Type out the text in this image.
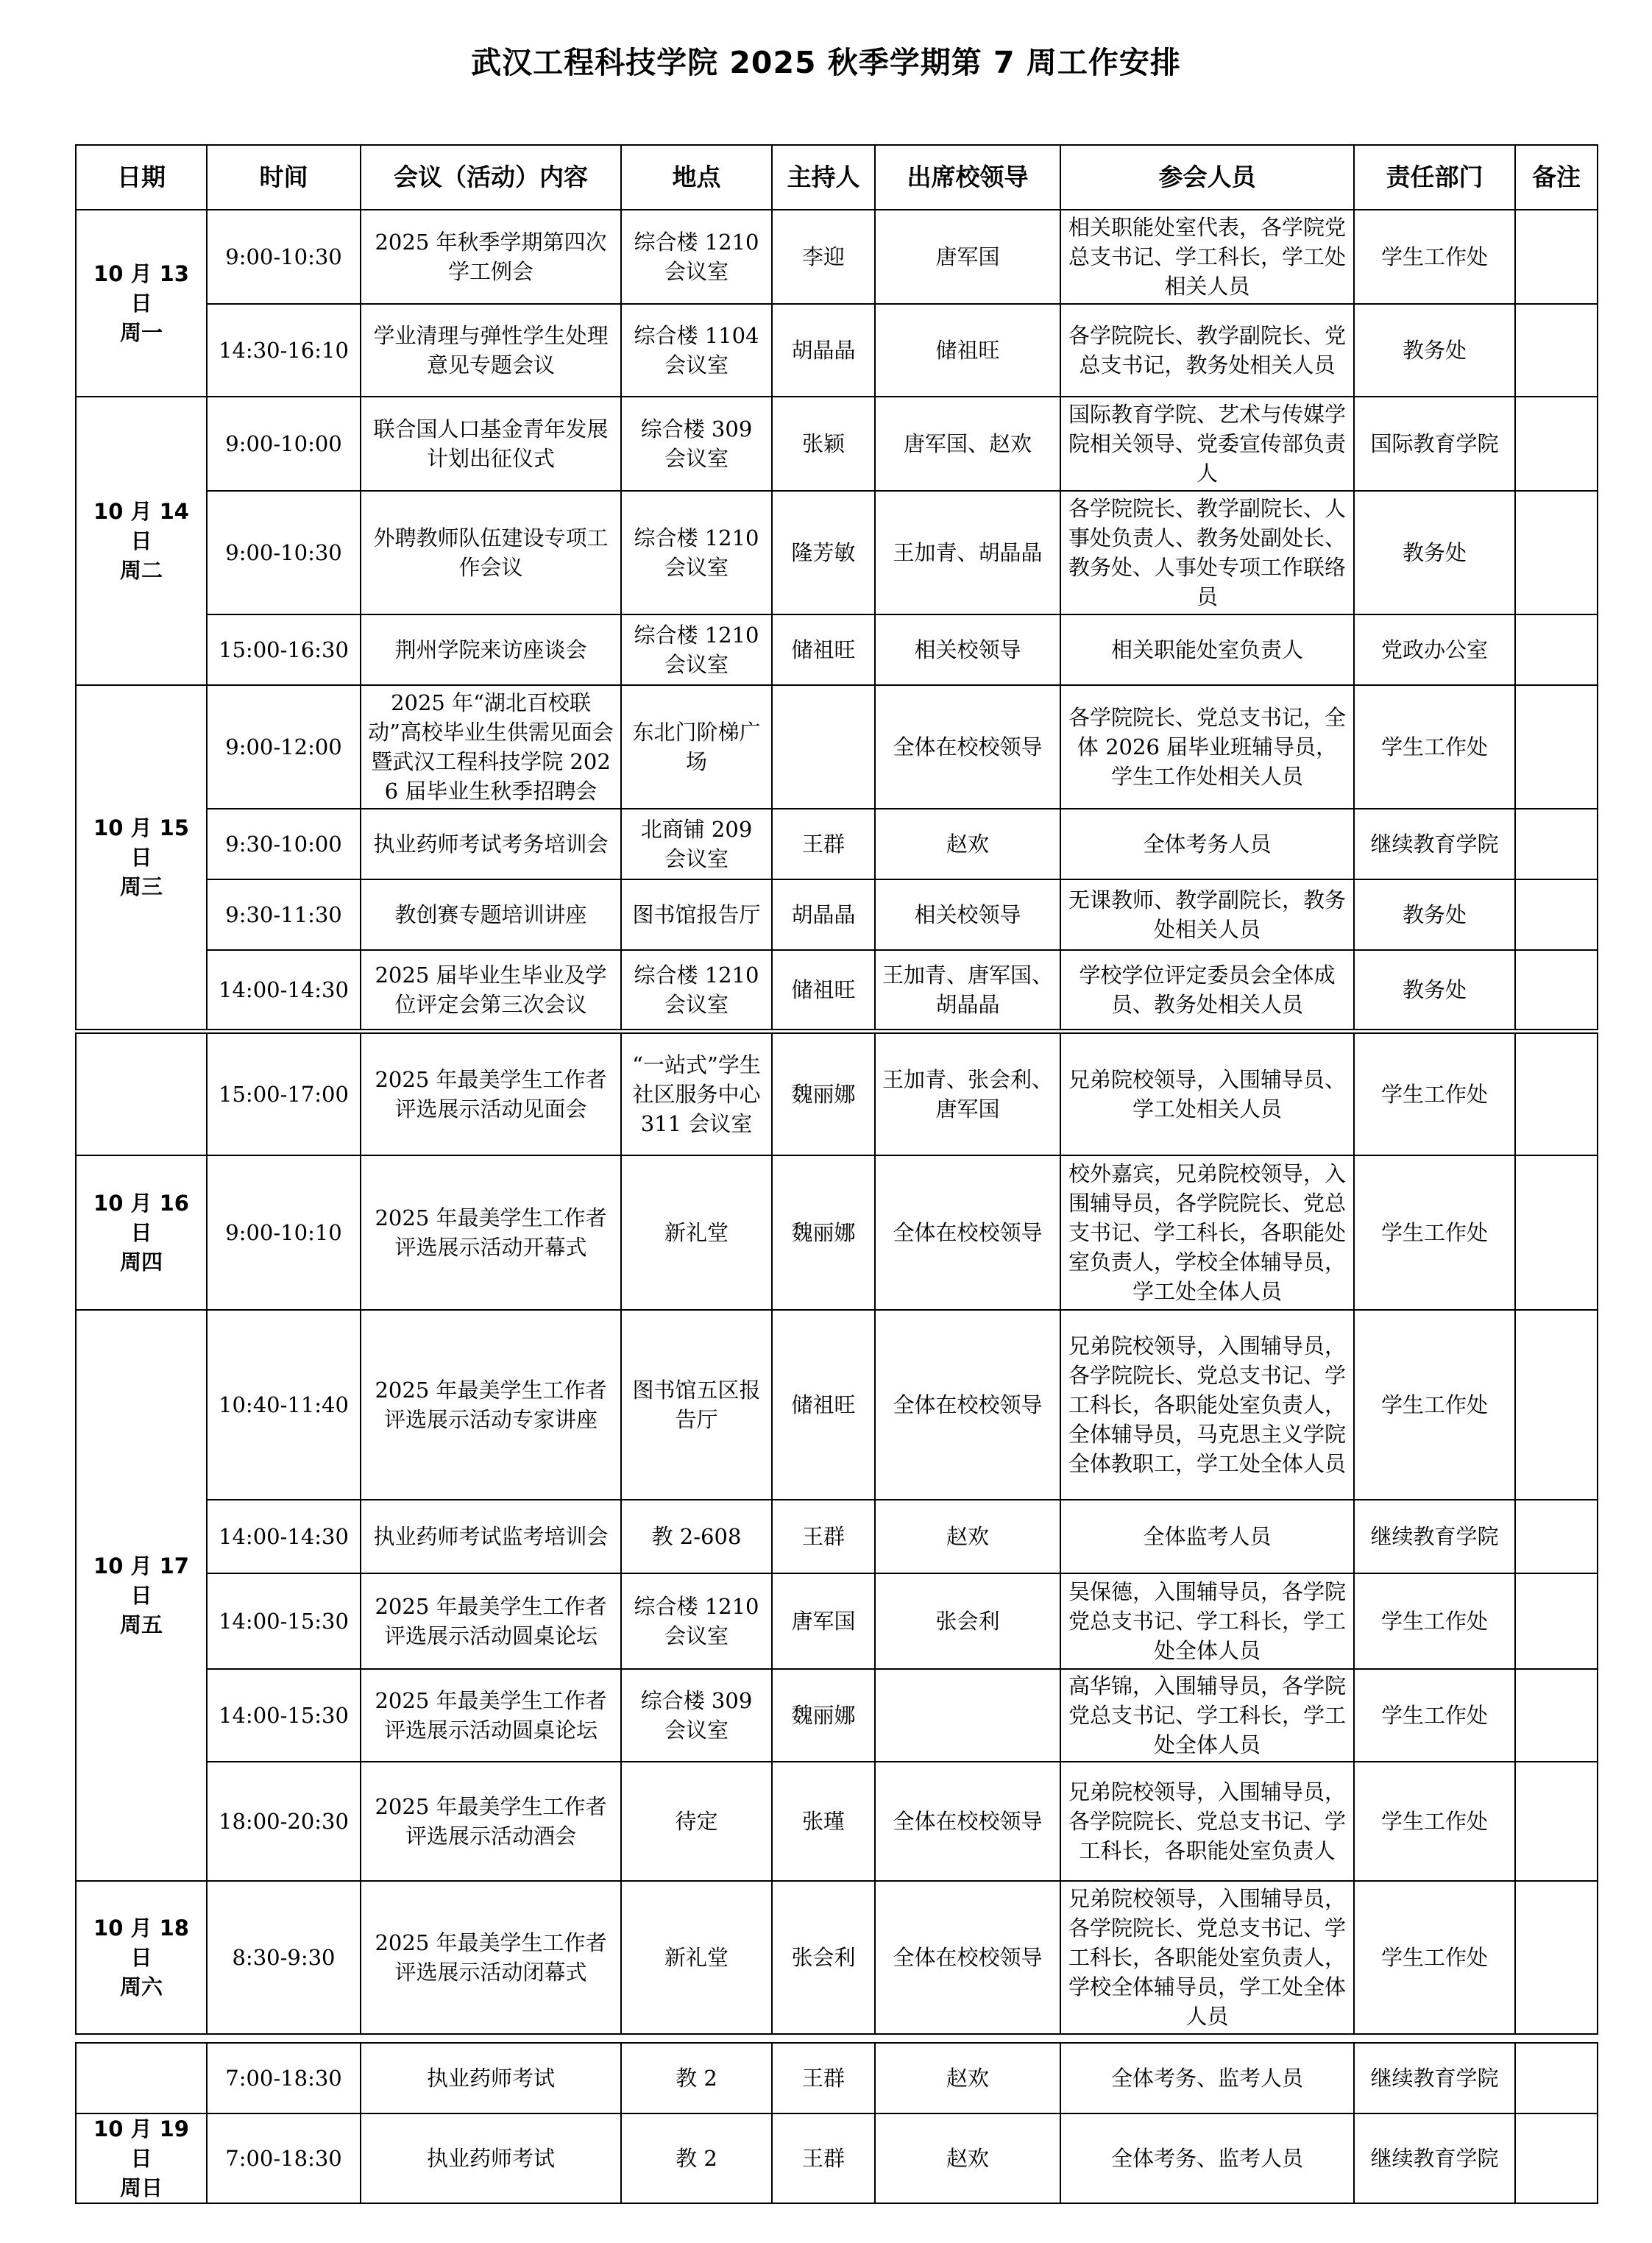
武汉工程科技学院 2025 秋季学期第 7 周工作安排
日期	时间	会议（活动）内容	地点	主持人	出席校领导	参会人员	责任部门	备注
10 月 13 日
周一	9:00-10:30	2025 年秋季学期第四次学工例会	综合楼 1210 会议室	李迎	唐军国	相关职能处室代表，各学院党总支书记、学工科长，学工处相关人员	学生工作处	
	14:30-16:10	学业清理与弹性学生处理意见专题会议	综合楼 1104 会议室	胡晶晶	储祖旺	各学院院长、教学副院长、党总支书记，教务处相关人员	教务处	
10 月 14 日
周二	9:00-10:00	联合国人口基金青年发展计划出征仪式	综合楼 309 会议室	张颖	唐军国、赵欢	国际教育学院、艺术与传媒学院相关领导、党委宣传部负责人	国际教育学院	
	9:00-10:30	外聘教师队伍建设专项工作会议	综合楼 1210 会议室	隆芳敏	王加青、胡晶晶	各学院院长、教学副院长、人事处负责人、教务处副处长、教务处、人事处专项工作联络员	教务处	
	15:00-16:30	荆州学院来访座谈会	综合楼 1210 会议室	储祖旺	相关校领导	相关职能处室负责人	党政办公室	
10 月 15 日
周三	9:00-12:00	2025 年“湖北百校联动”高校毕业生供需见面会暨武汉工程科技学院 2026 届毕业生秋季招聘会	东北门阶梯广场		全体在校校领导	各学院院长、党总支书记，全体 2026 届毕业班辅导员，学生工作处相关人员	学生工作处	
	9:30-10:00	执业药师考试考务培训会	北商铺 209 会议室	王群	赵欢	全体考务人员	继续教育学院	
	9:30-11:30	教创赛专题培训讲座	图书馆报告厅	胡晶晶	相关校领导	无课教师、教学副院长，教务处相关人员	教务处	
	14:00-14:30	2025 届毕业生毕业及学位评定会第三次会议	综合楼 1210 会议室	储祖旺	王加青、唐军国、胡晶晶	学校学位评定委员会全体成员、教务处相关人员	教务处	
	15:00-17:00	2025 年最美学生工作者评选展示活动见面会	“一站式”学生社区服务中心 311 会议室	魏丽娜	王加青、张会利、唐军国	兄弟院校领导，入围辅导员、学工处相关人员	学生工作处	
10 月 16 日
周四	9:00-10:10	2025 年最美学生工作者评选展示活动开幕式	新礼堂	魏丽娜	全体在校校领导	校外嘉宾，兄弟院校领导，入围辅导员，各学院院长、党总支书记、学工科长，各职能处室负责人，学校全体辅导员，学工处全体人员	学生工作处	
10 月 17 日
周五	10:40-11:40	2025 年最美学生工作者评选展示活动专家讲座	图书馆五区报告厅	储祖旺	全体在校校领导	兄弟院校领导，入围辅导员，各学院院长、党总支书记、学工科长，各职能处室负责人，全体辅导员，马克思主义学院全体教职工，学工处全体人员	学生工作处	
	14:00-14:30	执业药师考试监考培训会	教 2-608	王群	赵欢	全体监考人员	继续教育学院	
	14:00-15:30	2025 年最美学生工作者评选展示活动圆桌论坛	综合楼 1210 会议室	唐军国	张会利	吴保德，入围辅导员，各学院党总支书记、学工科长，学工处全体人员	学生工作处	
	14:00-15:30	2025 年最美学生工作者评选展示活动圆桌论坛	综合楼 309 会议室	魏丽娜		高华锦，入围辅导员，各学院党总支书记、学工科长，学工处全体人员	学生工作处	
	18:00-20:30	2025 年最美学生工作者评选展示活动酒会	待定	张瑾	全体在校校领导	兄弟院校领导，入围辅导员，各学院院长、党总支书记、学工科长，各职能处室负责人	学生工作处	
10 月 18 日
周六	8:30-9:30	2025 年最美学生工作者评选展示活动闭幕式	新礼堂	张会利	全体在校校领导	兄弟院校领导，入围辅导员，各学院院长、党总支书记、学工科长，各职能处室负责人，学校全体辅导员，学工处全体人员	学生工作处	
	7:00-18:30	执业药师考试	教 2	王群	赵欢	全体考务、监考人员	继续教育学院	
10 月 19 日
周日	7:00-18:30	执业药师考试	教 2	王群	赵欢	全体考务、监考人员	继续教育学院	
